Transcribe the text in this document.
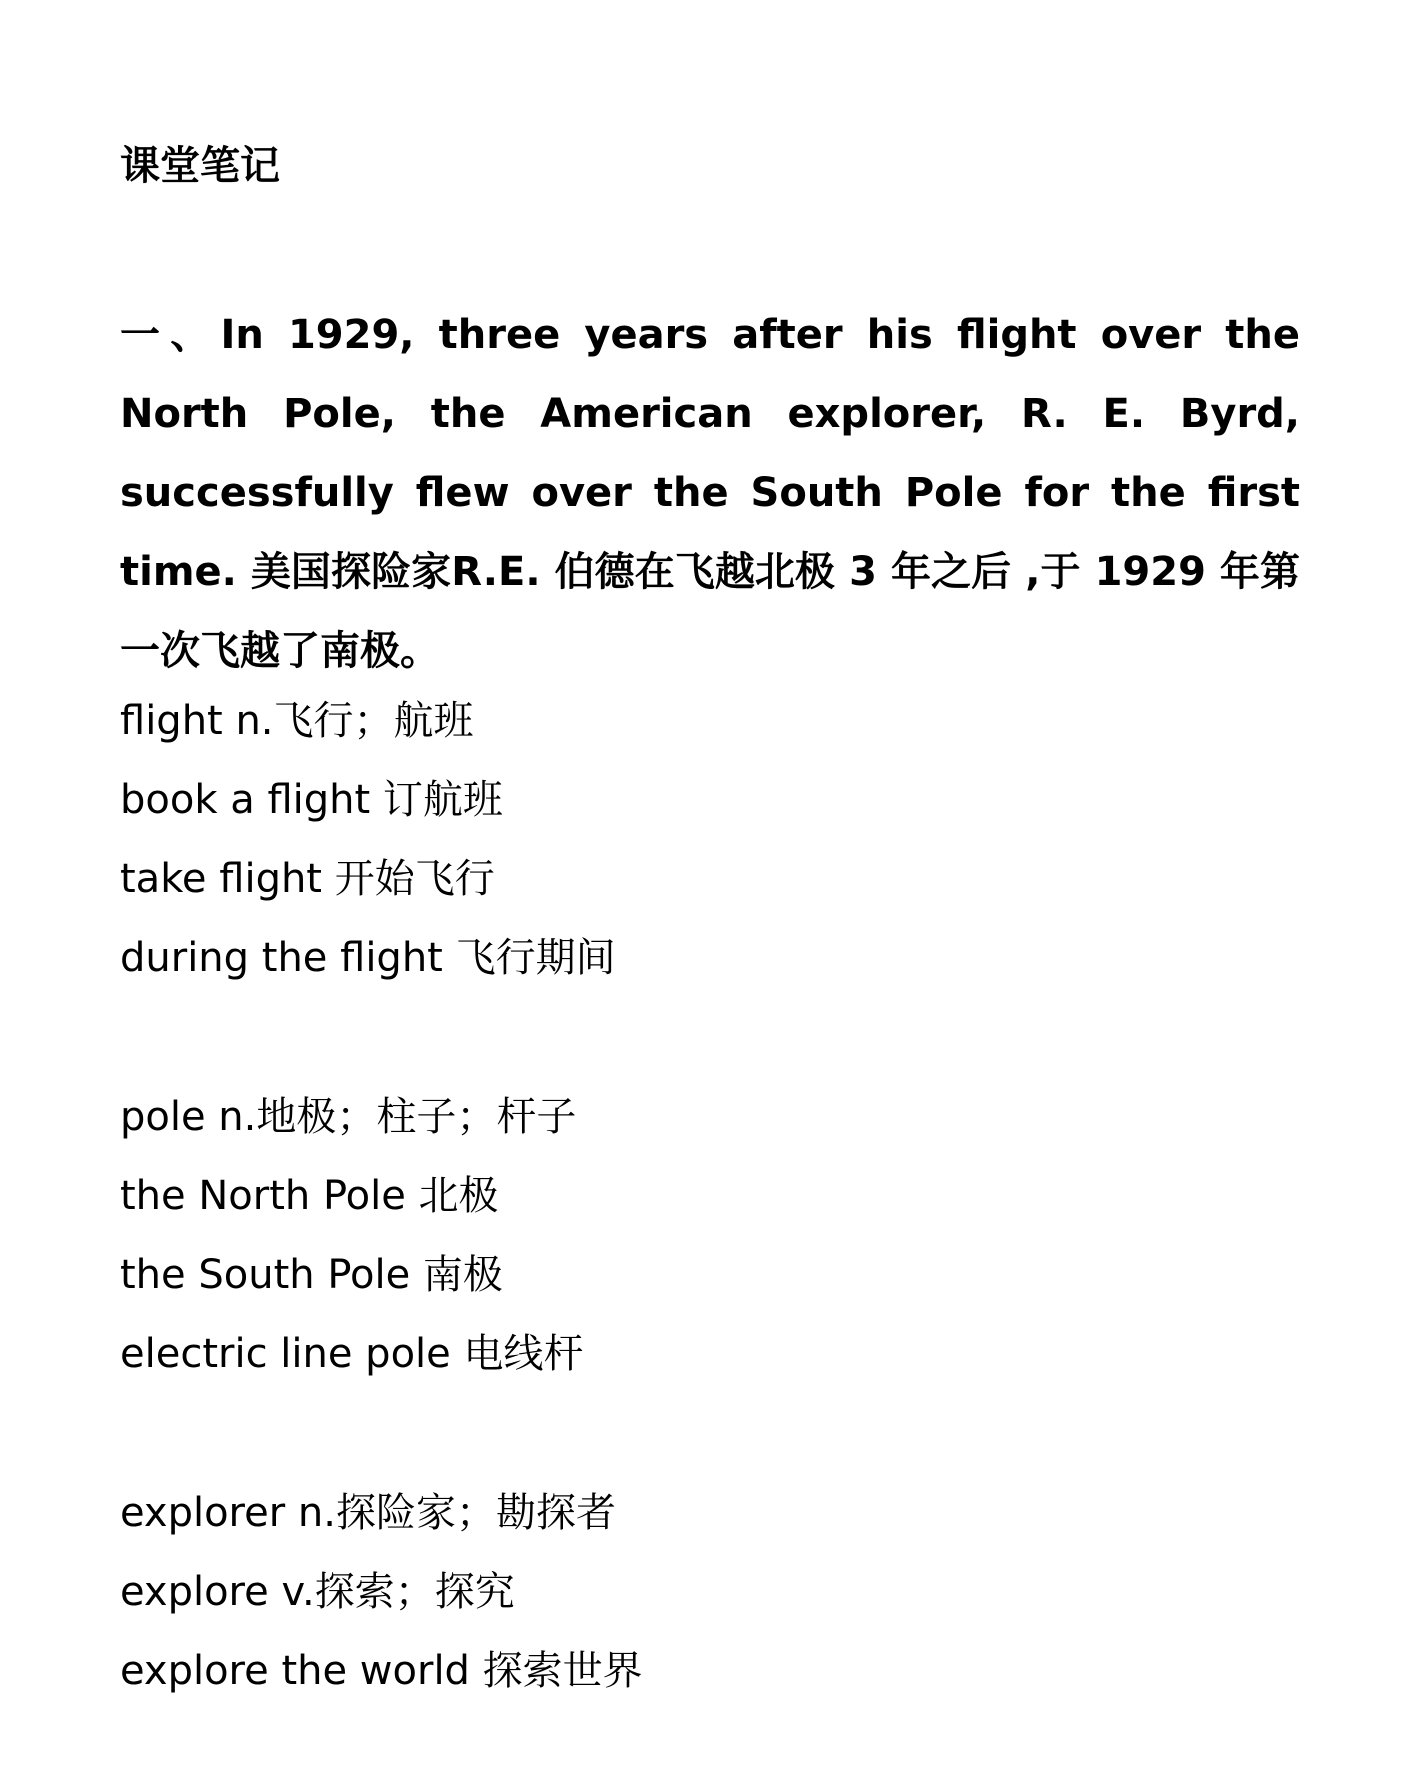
课堂笔记
一、In 1929, three years after his flight over the North Pole, the American explorer, R. E. Byrd, successfully flew over the South Pole for the first time. 美国探险家R.E. 伯德在飞越北极 3 年之后 ,于 1929 年第一次飞越了南极。
flight n.飞行；航班
book a flight 订航班
take flight 开始飞行
during the flight 飞行期间
pole n.地极；柱子；杆子
the North Pole 北极
the South Pole 南极
electric line pole 电线杆
explorer n.探险家；勘探者
explore v.探索；探究
explore the world 探索世界
